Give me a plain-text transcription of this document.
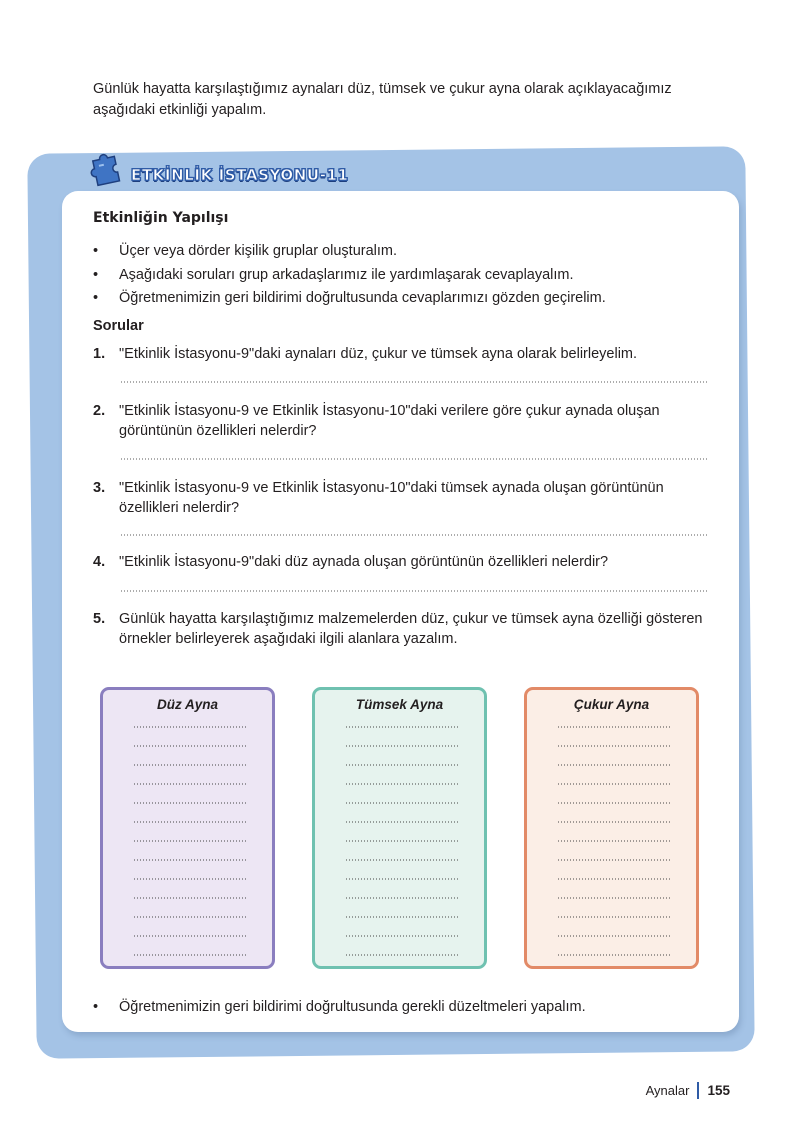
Günlük hayatta karşılaştığımız aynaları düz, tümsek ve çukur ayna olarak açıklayacağımız aşağıdaki etkinliği yapalım.

ETKİNLİK İSTASYONU-11
Etkinliğin Yapılışı
• Üçer veya dörder kişilik gruplar oluşturalım.
• Aşağıdaki soruları grup arkadaşlarımız ile yardımlaşarak cevaplayalım.
• Öğretmenimizin geri bildirimi doğrultusunda cevaplarımızı gözden geçirelim.
Sorular
1. "Etkinlik İstasyonu-9"daki aynaları düz, çukur ve tümsek ayna olarak belirleyelim.
2. "Etkinlik İstasyonu-9 ve Etkinlik İstasyonu-10"daki verilere göre çukur aynada oluşan görüntünün özellikleri nelerdir?
3. "Etkinlik İstasyonu-9 ve Etkinlik İstasyonu-10"daki tümsek aynada oluşan görüntünün özellikleri nelerdir?
4. "Etkinlik İstasyonu-9"daki düz aynada oluşan görüntünün özellikleri nelerdir?
5. Günlük hayatta karşılaştığımız malzemelerden düz, çukur ve tümsek ayna özelliği gösteren örnekler belirleyerek aşağıdaki ilgili alanlara yazalım.
Düz Ayna	Tümsek Ayna	Çukur Ayna
• Öğretmenimizin geri bildirimi doğrultusunda gerekli düzeltmeleri yapalım.
Aynalar 155
